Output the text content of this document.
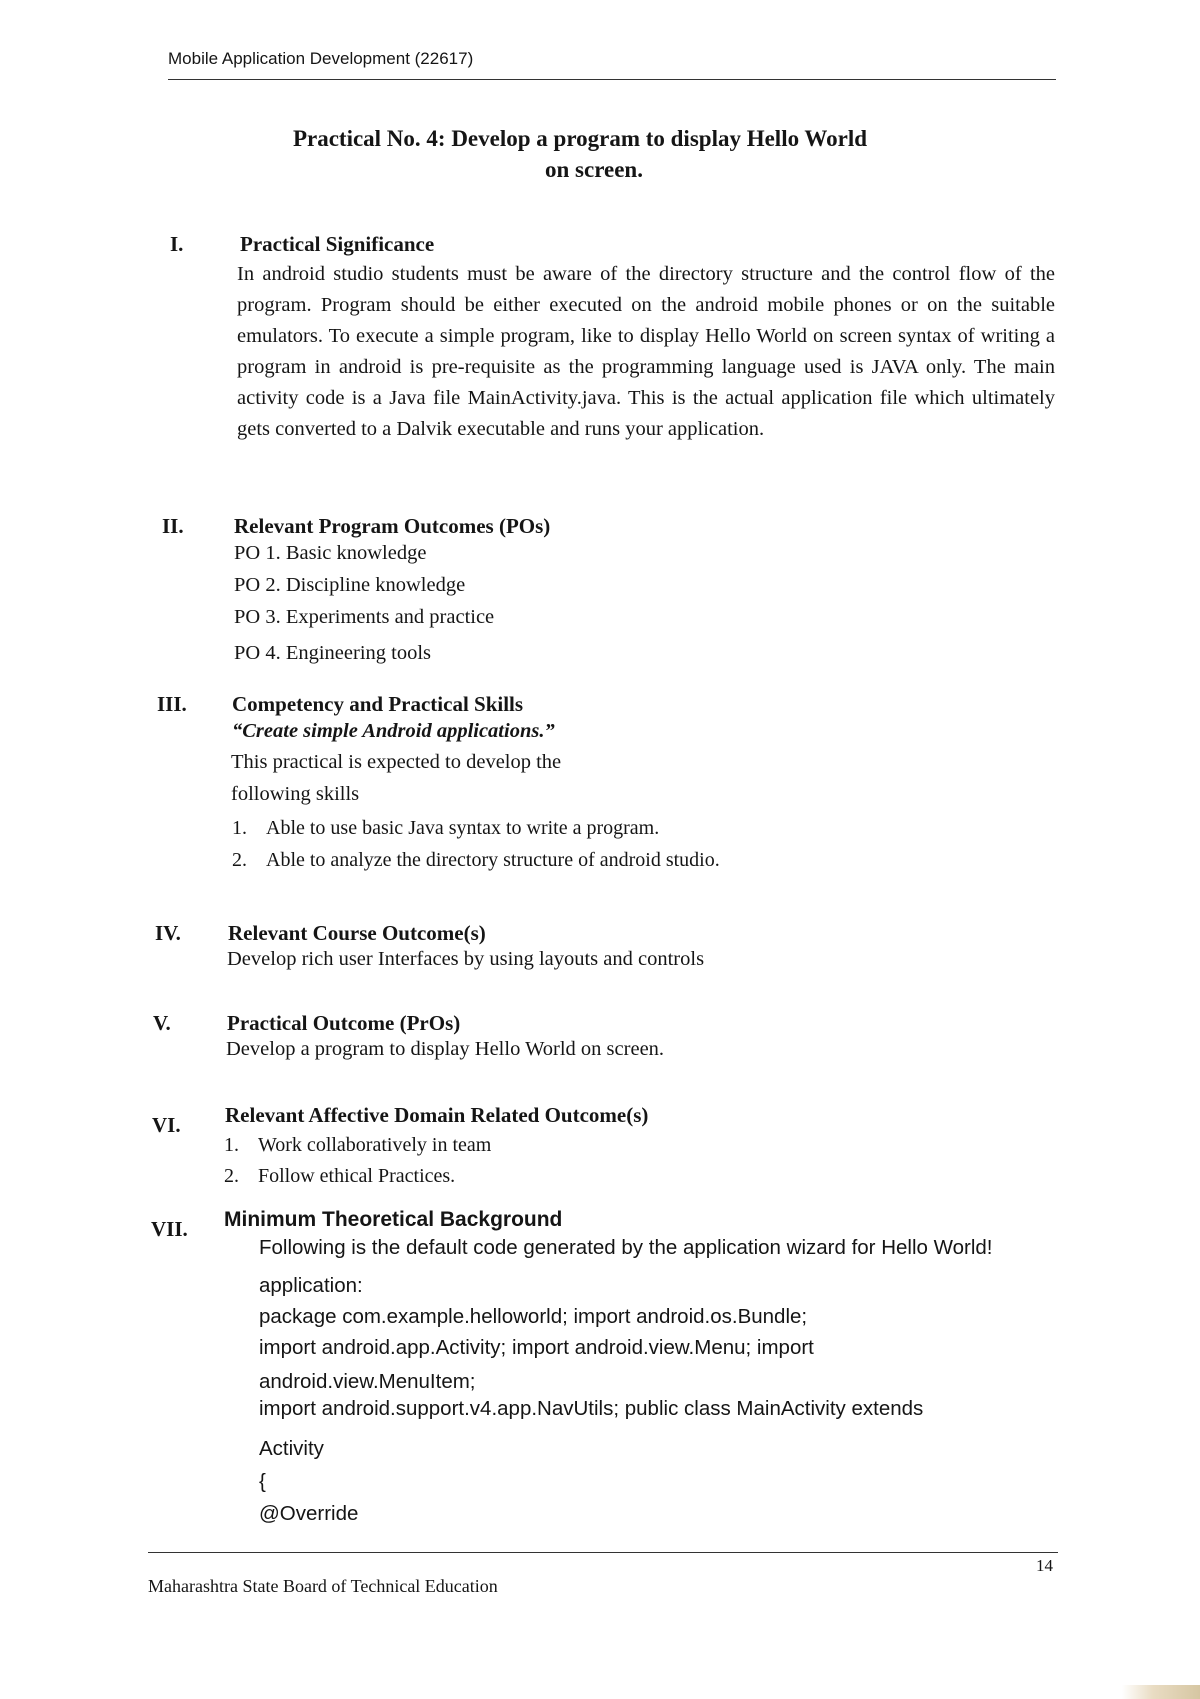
Mobile Application Development (22617)
Practical No. 4: Develop a program to display Hello World
on screen.
I.	Practical Significance
In android studio students must be aware of the directory structure and the control flow of the program. Program should be either executed on the android mobile phones or on the suitable emulators. To execute a simple program, like to display Hello World on screen syntax of writing a program in android is pre-requisite as the programming language used is JAVA only. The main activity code is a Java file MainActivity.java. This is the actual application file which ultimately gets converted to a Dalvik executable and runs your application.
II. Relevant Program Outcomes (POs)
PO 1. Basic knowledge
PO 2. Discipline knowledge
PO 3. Experiments and practice
PO 4. Engineering tools
III. Competency and Practical Skills
“Create simple Android applications.”
This practical is expected to develop the
following skills
1. Able to use basic Java syntax to write a program.
2. Able to analyze the directory structure of android studio.
IV. Relevant Course Outcome(s)
Develop rich user Interfaces by using layouts and controls
V.	Practical Outcome (PrOs)
Develop a program to display Hello World on screen.
VI. Relevant Affective Domain Related Outcome(s)
1. Work collaboratively in team
2. Follow ethical Practices.
VII. Minimum Theoretical Background
Following is the default code generated by the application wizard for Hello World!
application:
package com.example.helloworld; import android.os.Bundle;
import android.app.Activity; import android.view.Menu; import
android.view.MenuItem;
import android.support.v4.app.NavUtils; public class MainActivity extends
Activity
{
@Override
14
Maharashtra State Board of Technical Education
